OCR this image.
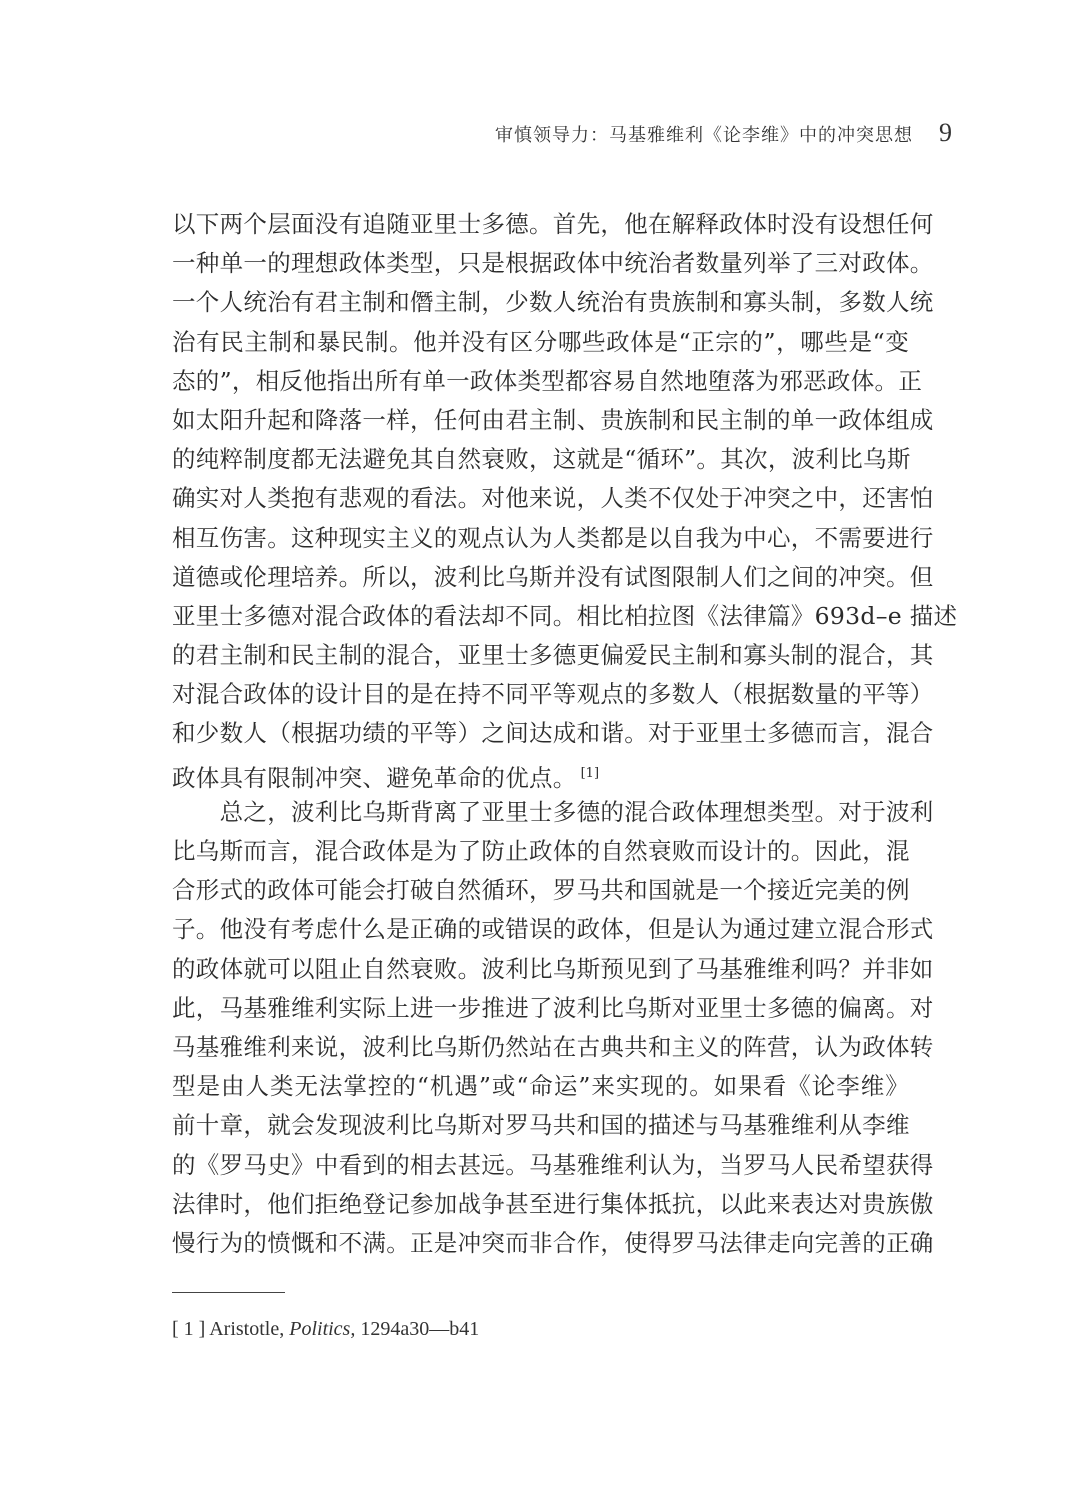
审慎领导力：马基雅维利《论李维》中的冲突思想 9
以下两个层面没有追随亚里士多德。首先，他在解释政体时没有设想任何
一种单一的理想政体类型，只是根据政体中统治者数量列举了三对政体。
一个人统治有君主制和僭主制，少数人统治有贵族制和寡头制，多数人统
治有民主制和暴民制。他并没有区分哪些政体是“正宗的”，哪些是“变
态的”，相反他指出所有单一政体类型都容易自然地堕落为邪恶政体。正
如太阳升起和降落一样，任何由君主制、贵族制和民主制的单一政体组成
的纯粹制度都无法避免其自然衰败，这就是“循环”。其次，波利比乌斯
确实对人类抱有悲观的看法。对他来说，人类不仅处于冲突之中，还害怕
相互伤害。这种现实主义的观点认为人类都是以自我为中心，不需要进行
道德或伦理培养。所以，波利比乌斯并没有试图限制人们之间的冲突。但
亚里士多德对混合政体的看法却不同。相比柏拉图《法律篇》693d–e 描述
的君主制和民主制的混合，亚里士多德更偏爱民主制和寡头制的混合，其
对混合政体的设计目的是在持不同平等观点的多数人（根据数量的平等）
和少数人（根据功绩的平等）之间达成和谐。对于亚里士多德而言，混合
政体具有限制冲突、避免革命的优点。 [1]
　　总之，波利比乌斯背离了亚里士多德的混合政体理想类型。对于波利
比乌斯而言，混合政体是为了防止政体的自然衰败而设计的。因此，混
合形式的政体可能会打破自然循环，罗马共和国就是一个接近完美的例
子。他没有考虑什么是正确的或错误的政体，但是认为通过建立混合形式
的政体就可以阻止自然衰败。波利比乌斯预见到了马基雅维利吗？并非如
此，马基雅维利实际上进一步推进了波利比乌斯对亚里士多德的偏离。对
马基雅维利来说，波利比乌斯仍然站在古典共和主义的阵营，认为政体转
型是由人类无法掌控的“机遇”或“命运”来实现的。如果看《论李维》
前十章，就会发现波利比乌斯对罗马共和国的描述与马基雅维利从李维
的《罗马史》中看到的相去甚远。马基雅维利认为，当罗马人民希望获得
法律时，他们拒绝登记参加战争甚至进行集体抵抗，以此来表达对贵族傲
慢行为的愤慨和不满。正是冲突而非合作，使得罗马法律走向完善的正确
[ 1 ] Aristotle, Politics, 1294a30—b41
